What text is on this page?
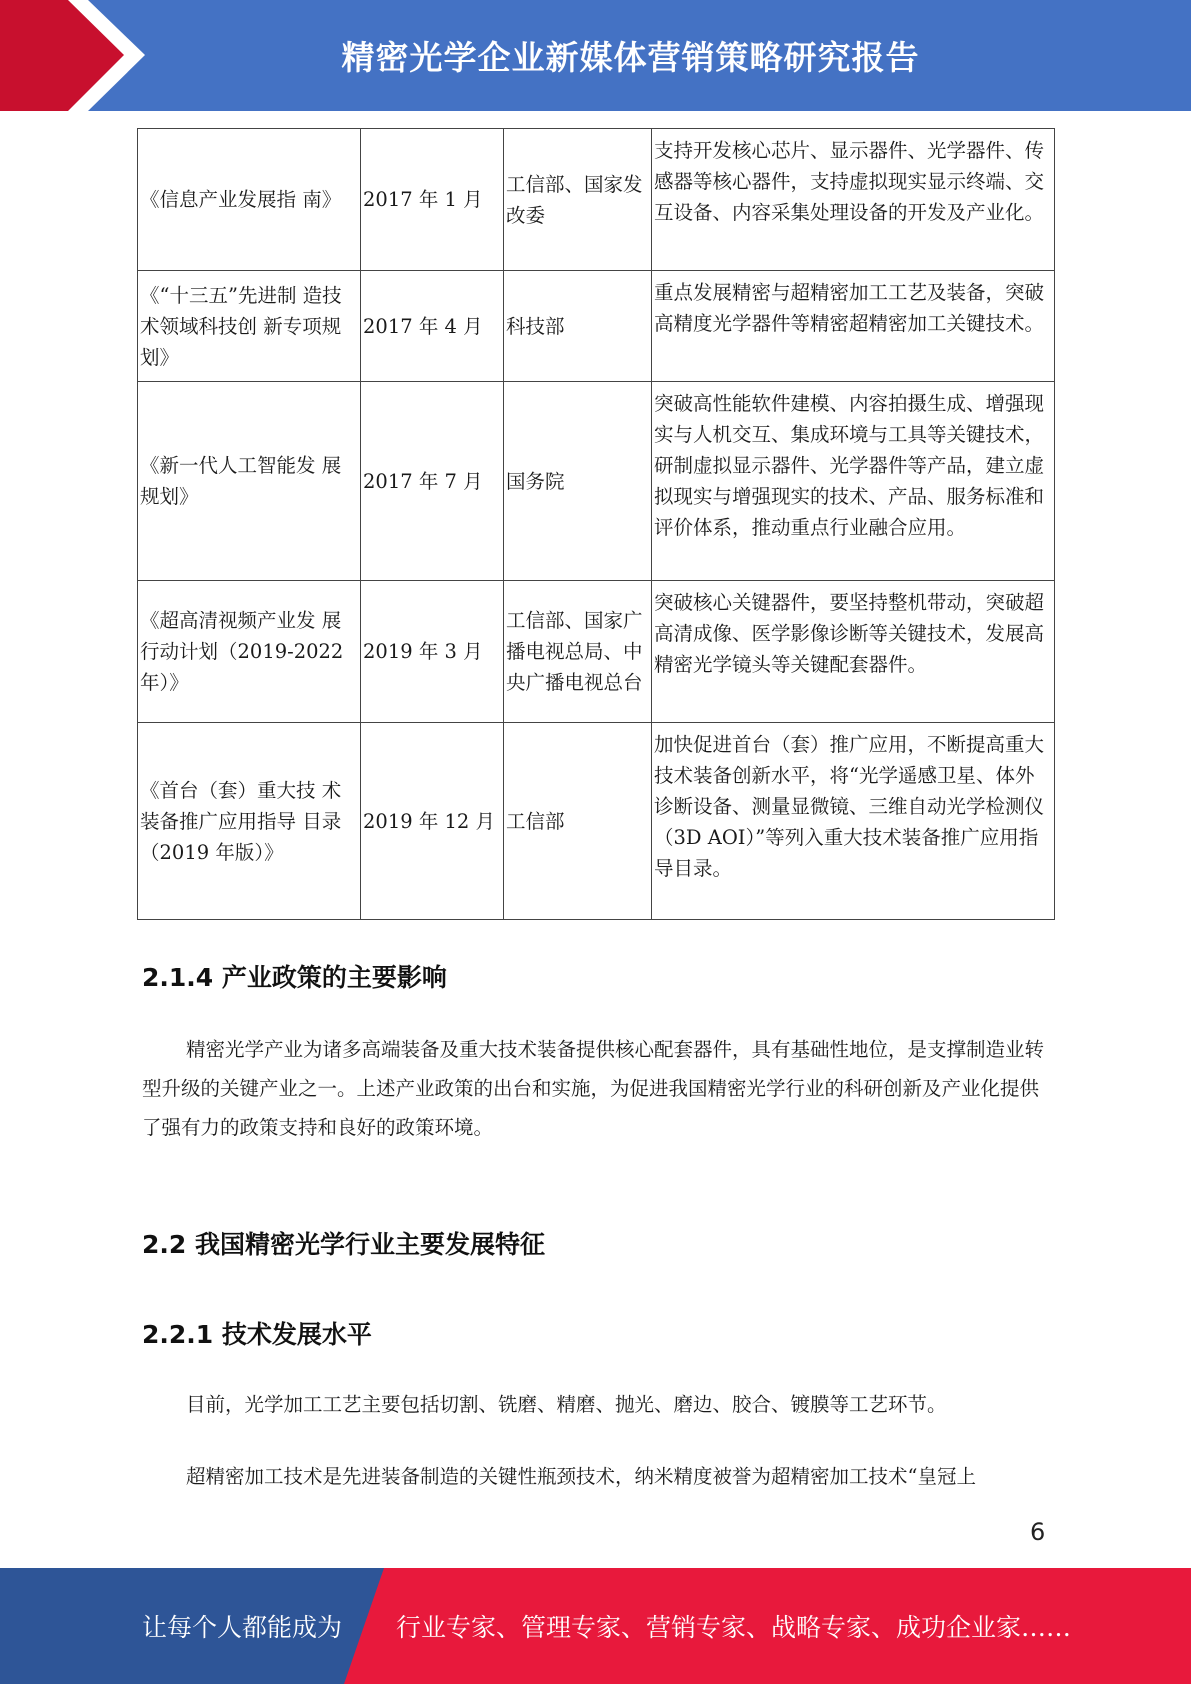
精密光学企业新媒体营销策略研究报告
《信息产业发展指 南》	2017 年 1 月	工信部、国家发改委	支持开发核心芯片、显示器件、光学器件、传感器等核心器件，支持虚拟现实显示终端、交互设备、内容采集处理设备的开发及产业化。
《“十三五”先进制 造技术领域科技创 新专项规划》	2017 年 4 月	科技部	重点发展精密与超精密加工工艺及装备，突破高精度光学器件等精密超精密加工关键技术。
《新一代人工智能发 展规划》	2017 年 7 月	国务院	突破高性能软件建模、内容拍摄生成、增强现实与人机交互、集成环境与工具等关键技术，研制虚拟显示器件、光学器件等产品，建立虚拟现实与增强现实的技术、产品、服务标准和评价体系，推动重点行业融合应用。
《超高清视频产业发 展行动计划（2019-2022 年）》	2019 年 3 月	工信部、国家广播电视总局、中央广播电视总台	突破核心关键器件，要坚持整机带动，突破超高清成像、医学影像诊断等关键技术，发展高精密光学镜头等关键配套器件。
《首台（套）重大技 术装备推广应用指导 目录（2019 年版）》	2019 年 12 月	工信部	加快促进首台（套）推广应用，不断提高重大技术装备创新水平，将“光学遥感卫星、体外诊断设备、测量显微镜、三维自动光学检测仪（3D AOI）”等列入重大技术装备推广应用指导目录。
2.1.4 产业政策的主要影响

精密光学产业为诸多高端装备及重大技术装备提供核心配套器件，具有基础性地位，是支撑制造业转型升级的关键产业之一。上述产业政策的出台和实施，为促进我国精密光学行业的科研创新及产业化提供了强有力的政策支持和良好的政策环境。

2.2 我国精密光学行业主要发展特征
2.2.1 技术发展水平

目前，光学加工工艺主要包括切割、铣磨、精磨、抛光、磨边、胶合、镀膜等工艺环节。

超精密加工技术是先进装备制造的关键性瓶颈技术，纳米精度被誉为超精密加工技术“皇冠上

6
让每个人都能成为 行业专家、管理专家、营销专家、战略专家、成功企业家……
